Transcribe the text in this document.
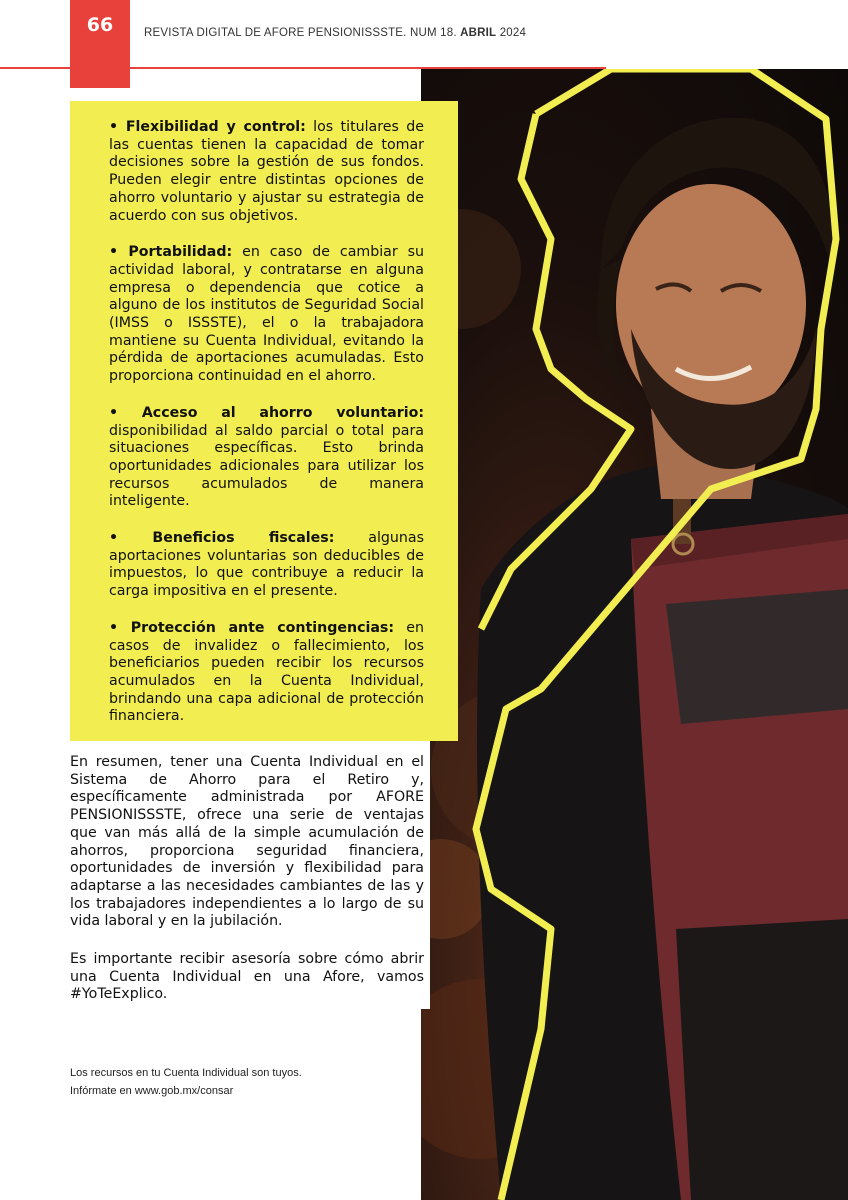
66	REVISTA DIGITAL DE AFORE PENSIONISSSTE. NUM 18. ABRIL 2024

• Flexibilidad y control: los titulares de las cuentas tienen la capacidad de tomar decisiones sobre la gestión de sus fondos. Pueden elegir entre distintas opciones de ahorro voluntario y ajustar su estrategia de acuerdo con sus objetivos.

• Portabilidad: en caso de cambiar su actividad laboral, y contratarse en alguna empresa o dependencia que cotice a alguno de los institutos de Seguridad Social (IMSS o ISSSTE), el o la trabajadora mantiene su Cuenta Individual, evitando la pérdida de aportaciones acumuladas. Esto proporciona continuidad en el ahorro.

• Acceso al ahorro voluntario: disponibilidad al saldo parcial o total para situaciones específicas. Esto brinda oportunidades adicionales para utilizar los recursos acumulados de manera inteligente.

• Beneficios fiscales: algunas aportaciones voluntarias son deducibles de impuestos, lo que contribuye a reducir la carga impositiva en el presente.

• Protección ante contingencias: en casos de invalidez o fallecimiento, los beneficiarios pueden recibir los recursos acumulados en la Cuenta Individual, brindando una capa adicional de protección financiera.

En resumen, tener una Cuenta Individual en el Sistema de Ahorro para el Retiro y, específicamente administrada por AFORE PENSIONISSSTE, ofrece una serie de ventajas que van más allá de la simple acumulación de ahorros, proporciona seguridad financiera, oportunidades de inversión y flexibilidad para adaptarse a las necesidades cambiantes de las y los trabajadores independientes a lo largo de su vida laboral y en la jubilación.

Es importante recibir asesoría sobre cómo abrir una Cuenta Individual en una Afore, vamos #YoTeExplico.

Los recursos en tu Cuenta Individual son tuyos.
Infórmate en www.gob.mx/consar
